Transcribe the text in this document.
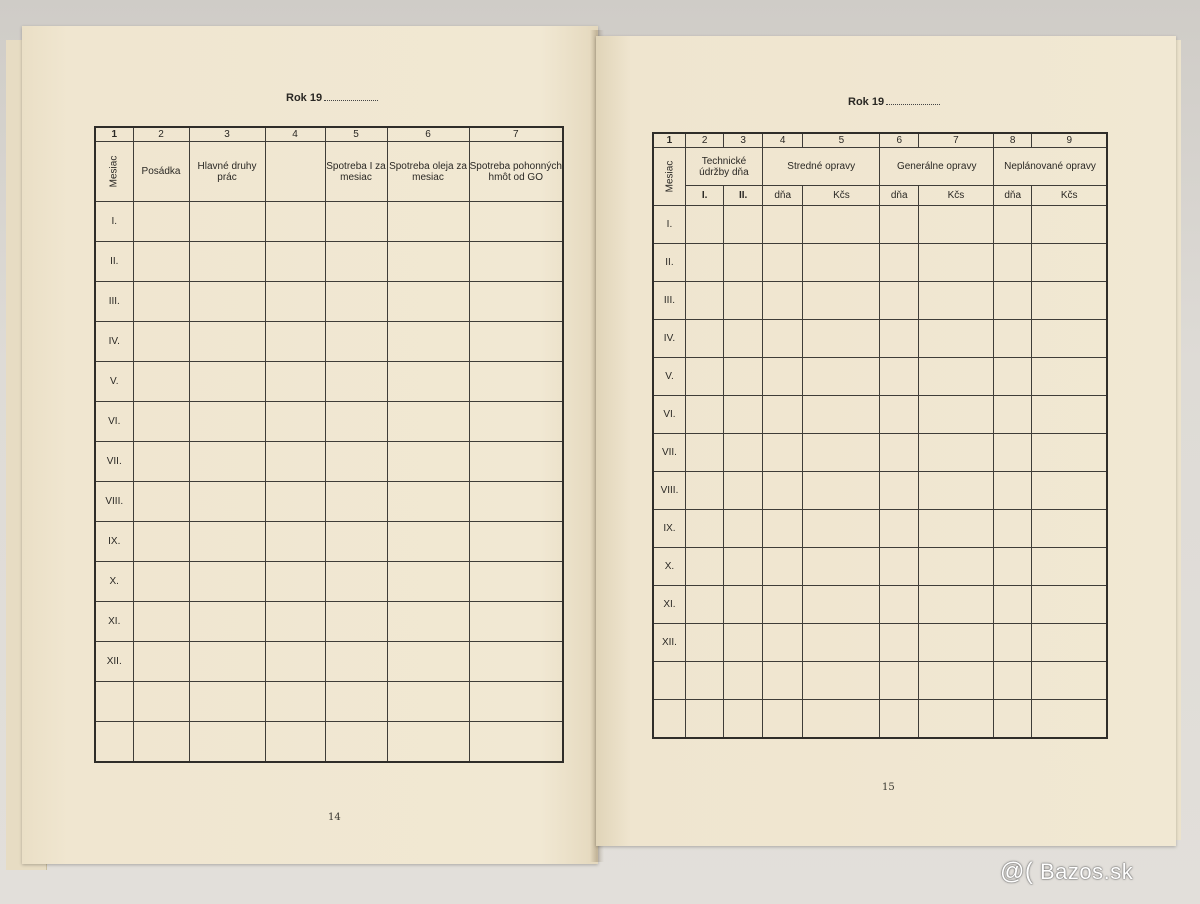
Rok 19
1	2	3	4	5	6	7
Mesiac	Posádka	Hlavné druhy prác		Spotreba I za mesiac	Spotreba oleja za mesiac	Spotreba pohonných hmôt od GO
I.						
II.						
III.						
IV.						
V.						
VI.						
VII.						
VIII.						
IX.						
X.						
XI.						
XII.						

14
Rok 19
1	2	3	4	5	6	7	8	9
Mesiac	Technické údržby dňa		Stredné opravy		Generálne opravy		Neplánované opravy	
	I.	II.	dňa	Kčs	dňa	Kčs	dňa	Kčs
I.								
II.								
III.								
IV.								
V.								
VI.								
VII.								
VIII.								
IX.								
X.								
XI.								
XII.								

15
@( Bazos.sk
